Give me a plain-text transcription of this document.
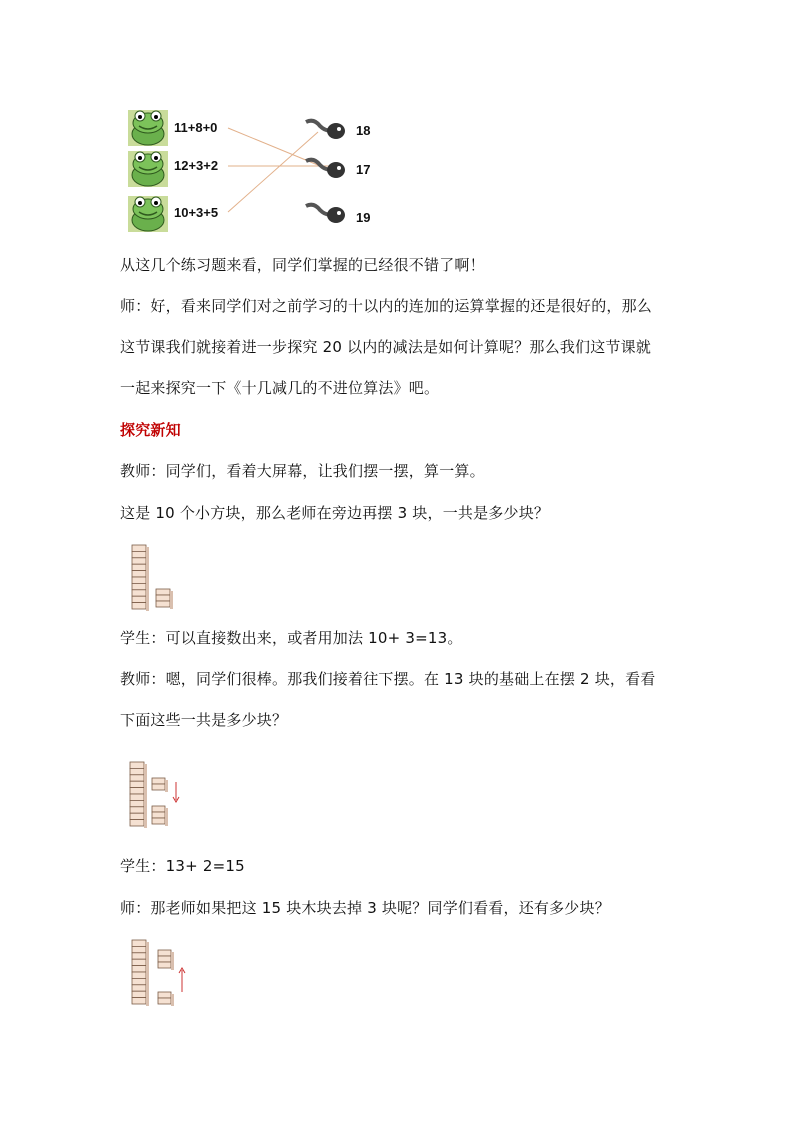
11+8+0
12+3+2
10+3+5
18
17
19
从这几个练习题来看，同学们掌握的已经很不错了啊！
师：好，看来同学们对之前学习的十以内的连加的运算掌握的还是很好的，那么
这节课我们就接着进一步探究 20 以内的减法是如何计算呢？那么我们这节课就
一起来探究一下《十几减几的不进位算法》吧。
探究新知
教师：同学们，看着大屏幕，让我们摆一摆，算一算。
这是 10 个小方块，那么老师在旁边再摆 3 块，一共是多少块？
学生：可以直接数出来，或者用加法 10+ 3=13。
教师：嗯，同学们很棒。那我们接着往下摆。在 13 块的基础上在摆 2 块，看看
下面这些一共是多少块？
学生：13+ 2=15
师：那老师如果把这 15 块木块去掉 3 块呢？同学们看看，还有多少块？
